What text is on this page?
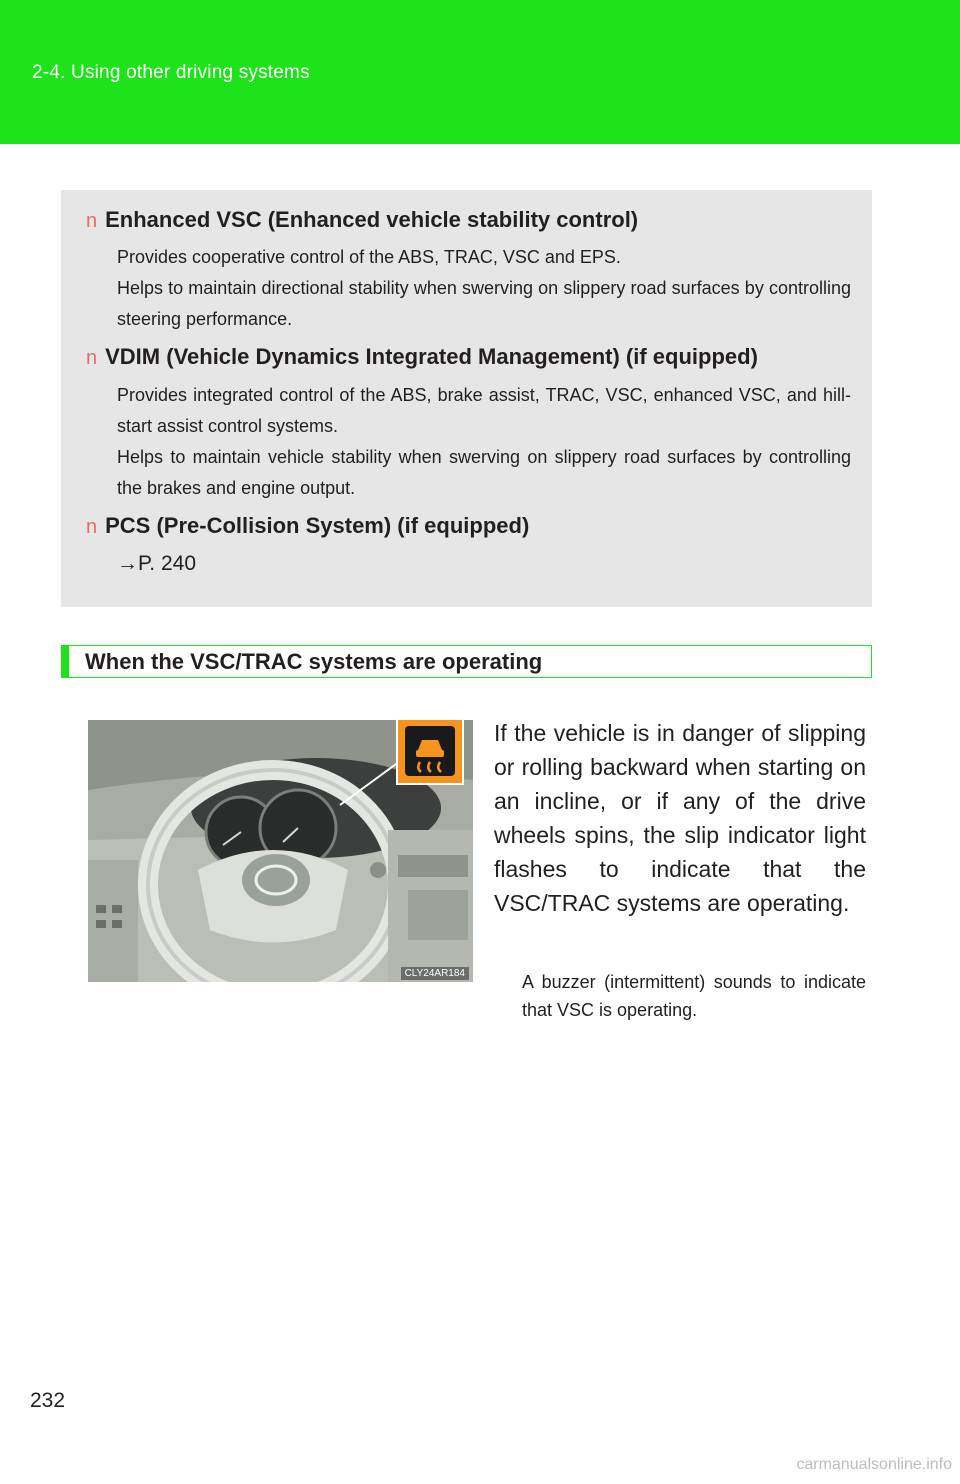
2-4. Using other driving systems
n Enhanced VSC (Enhanced vehicle stability control)

Provides cooperative control of the ABS, TRAC, VSC and EPS.

Helps to maintain directional stability when swerving on slippery road surfaces by controlling steering performance.

n VDIM (Vehicle Dynamics Integrated Management) (if equipped)

Provides integrated control of the ABS, brake assist, TRAC, VSC, enhanced VSC, and hill-start assist control systems.

Helps to maintain vehicle stability when swerving on slippery road surfaces by controlling the brakes and engine output.

n PCS (Pre-Collision System) (if equipped)

→P. 240

When the VSC/TRAC systems are operating
CLY24AR184
If the vehicle is in danger of slipping or rolling backward when starting on an incline, or if any of the drive wheels spins, the slip indicator light flashes to indicate that the VSC/TRAC systems are operating.
A buzzer (intermittent) sounds to indicate that VSC is operating.
232
carmanualsonline.info
